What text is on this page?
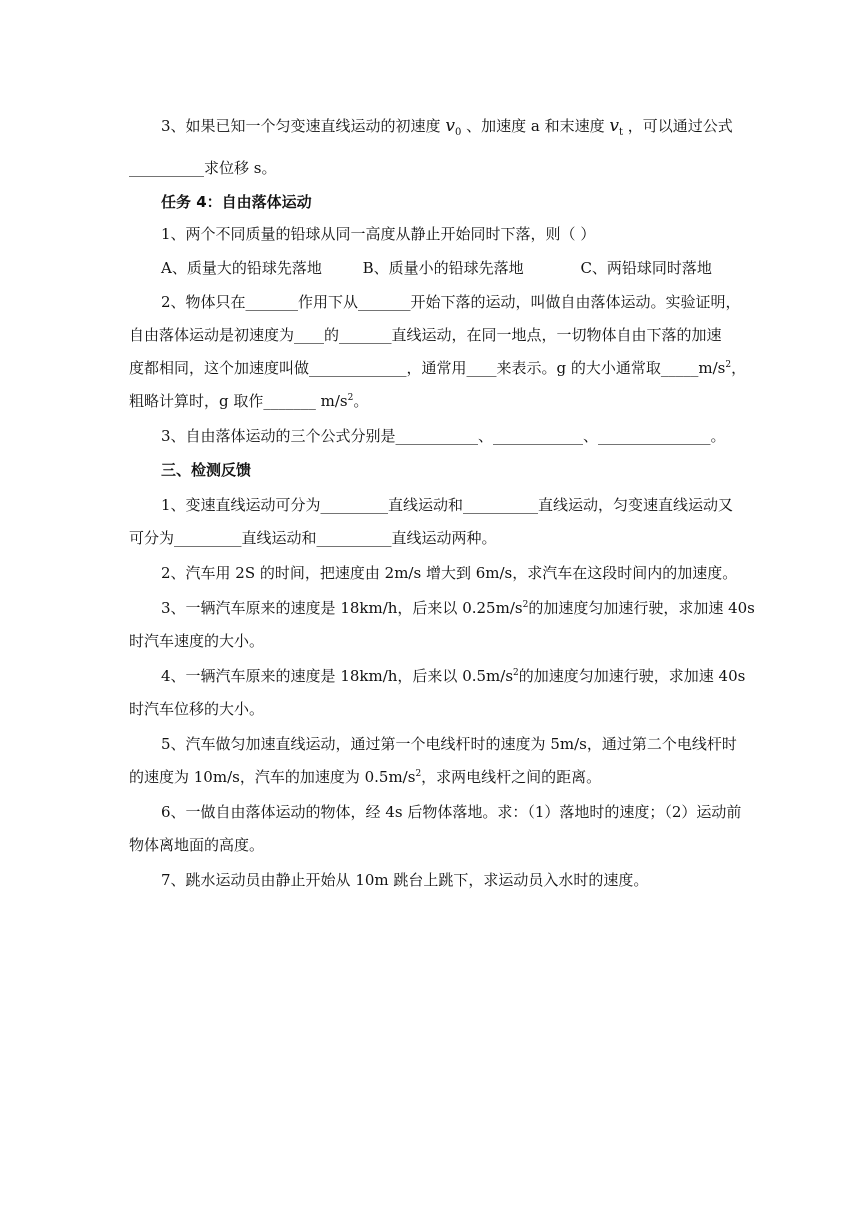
3、如果已知一个匀变速直线运动的初速度 $v_0$ 、加速度 a 和末速度 $v_t$ ，可以通过公式
__________求位移 s。
任务 4：自由落体运动
1、两个不同质量的铅球从同一高度从静止开始同时下落，则（ ）
A、质量大的铅球先落地	B、质量小的铅球先落地	C、两铅球同时落地
2、物体只在_______作用下从_______开始下落的运动，叫做自由落体运动。实验证明，
自由落体运动是初速度为____的_______直线运动，在同一地点，一切物体自由下落的加速
度都相同，这个加速度叫做_____________，通常用____来表示。g 的大小通常取$\_\_\_\_\_m/s^2$，
粗略计算时，g 取作_______ $m/s^2$。
3、自由落体运动的三个公式分别是___________、____________、_______________。
三、检测反馈
1、变速直线运动可分为_________直线运动和__________直线运动，匀变速直线运动又
可分为_________直线运动和__________直线运动两种。
2、汽车用 2S 的时间，把速度由 2m/s 增大到 6m/s，求汽车在这段时间内的加速度。
3、一辆汽车原来的速度是 18km/h，后来以 $0.25m/s^2$的加速度匀加速行驶，求加速 40s
时汽车速度的大小。
4、一辆汽车原来的速度是 18km/h，后来以 $0.5m/s^2$的加速度匀加速行驶，求加速 40s
时汽车位移的大小。
5、汽车做匀加速直线运动，通过第一个电线杆时的速度为 5m/s，通过第二个电线杆时
的速度为 10m/s，汽车的加速度为 $0.5m/s^2$，求两电线杆之间的距离。
6、一做自由落体运动的物体，经 4s 后物体落地。求：（1）落地时的速度；（2）运动前
物体离地面的高度。
7、跳水运动员由静止开始从 10m 跳台上跳下，求运动员入水时的速度。
